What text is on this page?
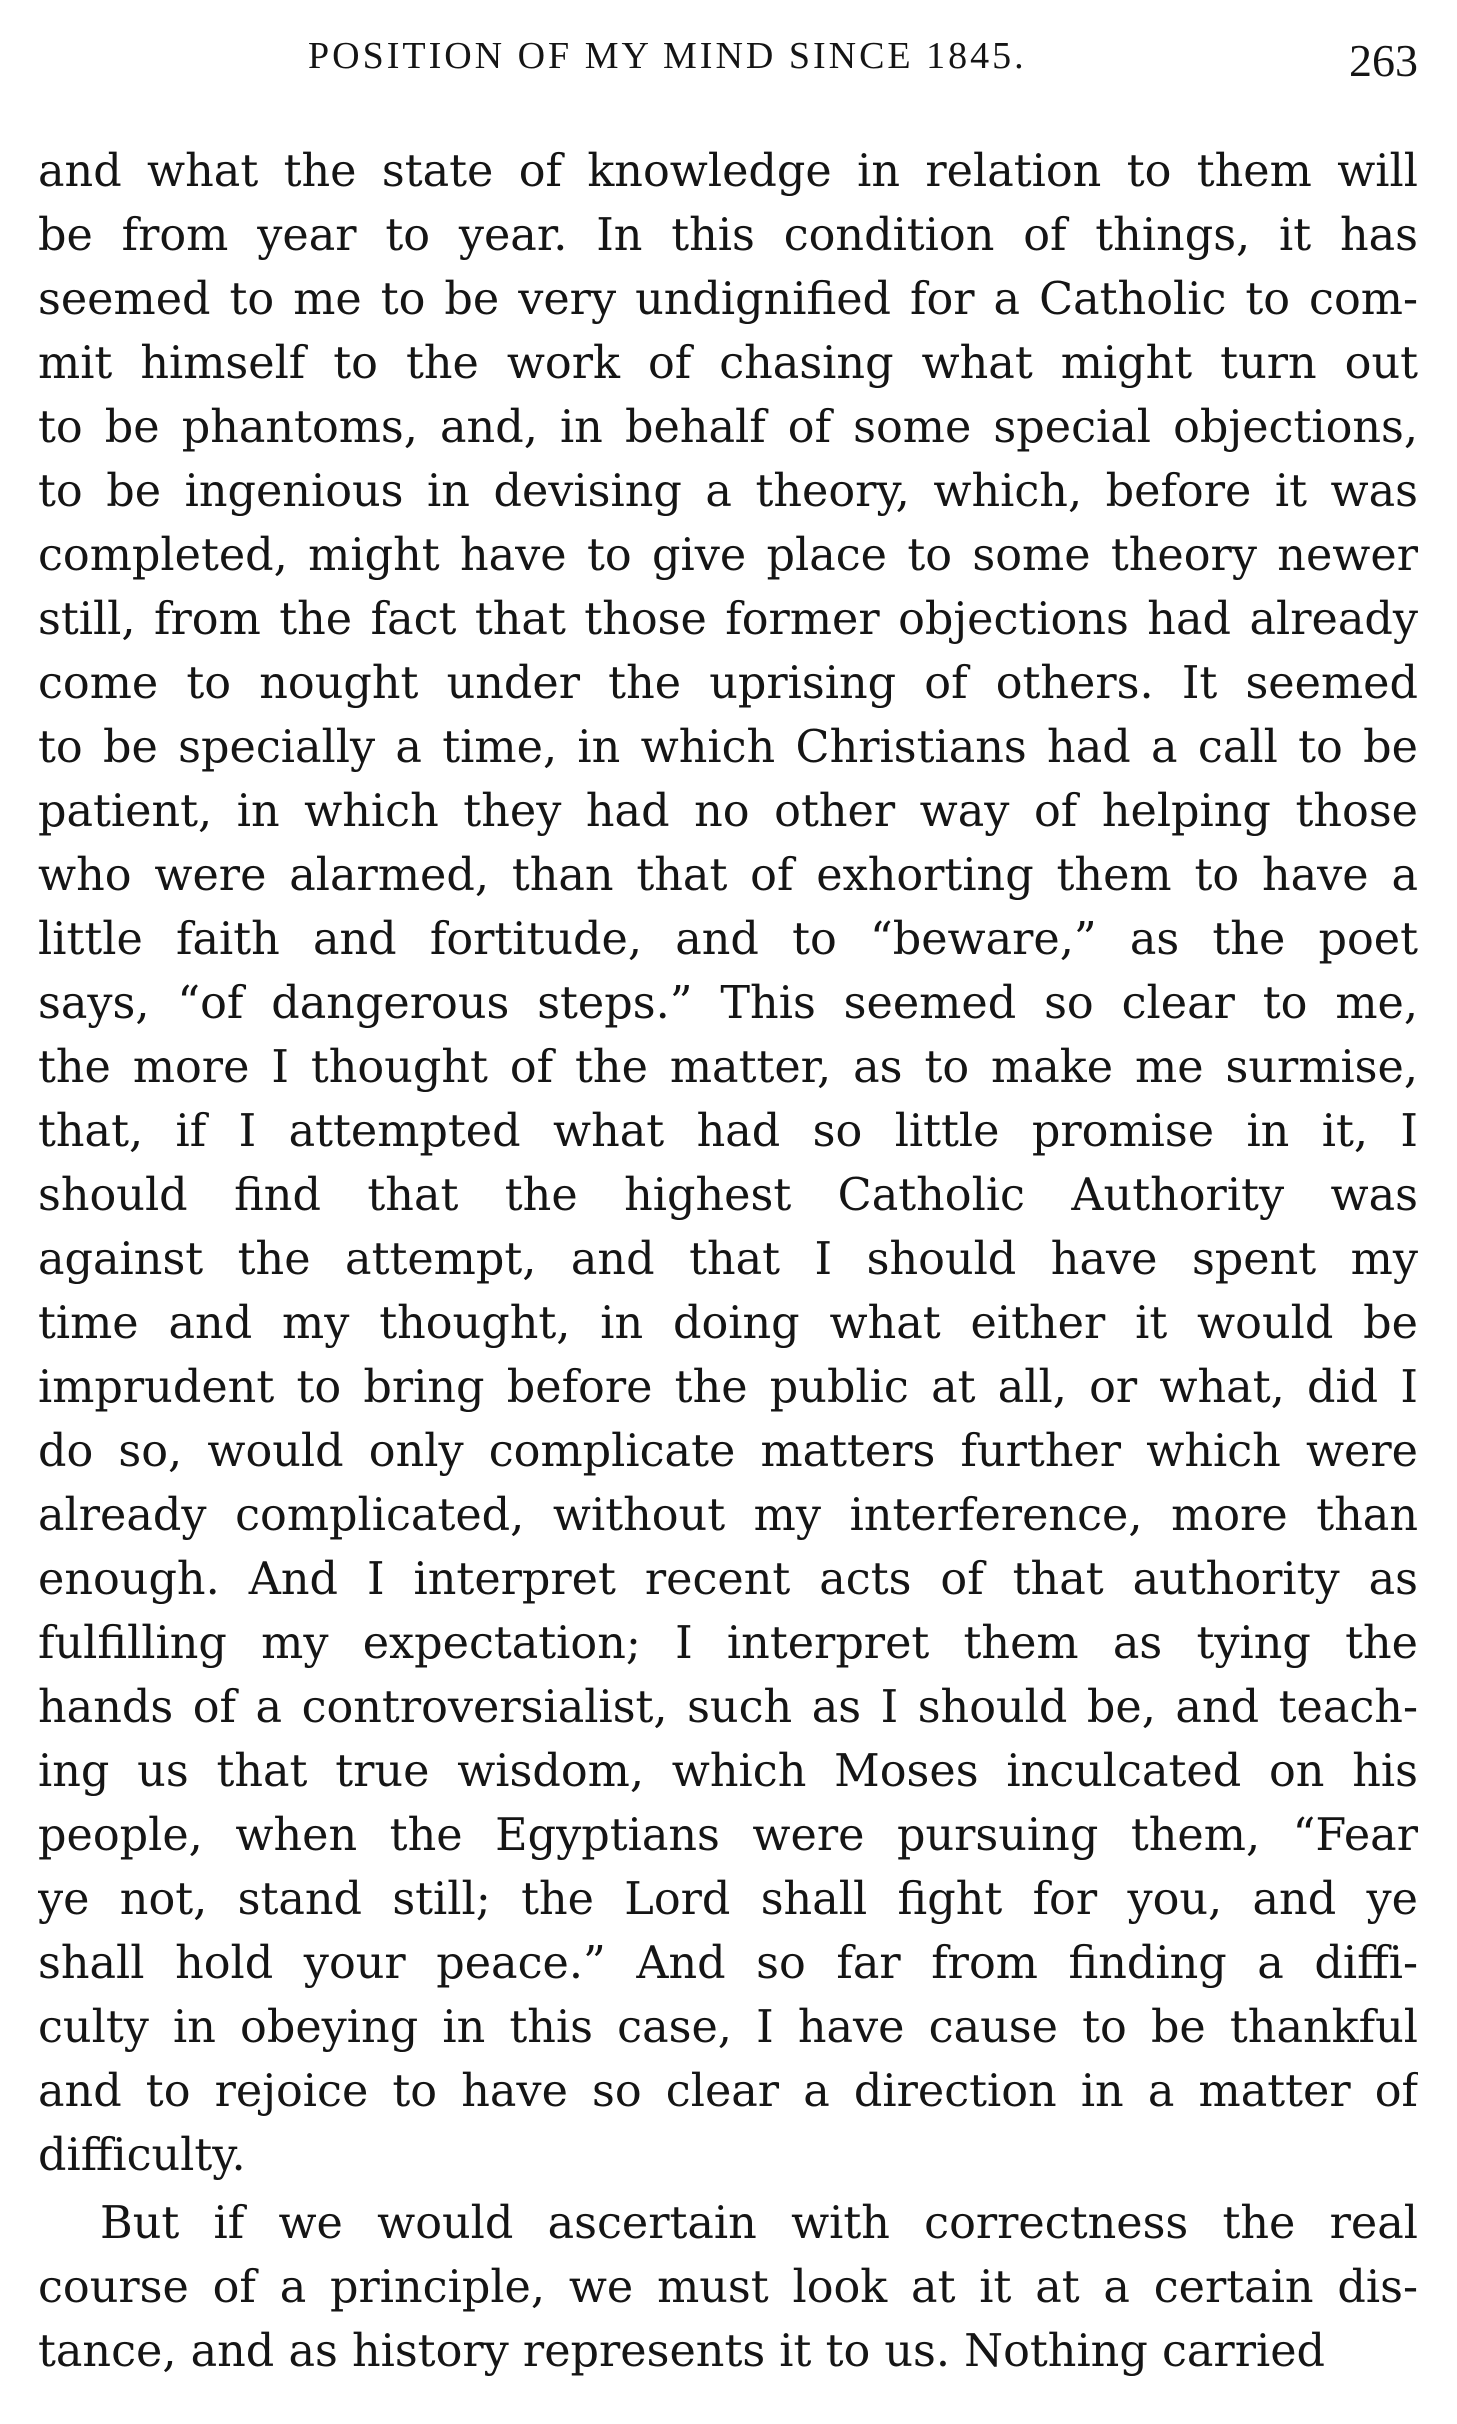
POSITION OF MY MIND SINCE 1845.	263
and what the state of knowledge in relation to them will
be from year to year. In this condition of things, it has
seemed to me to be very undignified for a Catholic to com-
mit himself to the work of chasing what might turn out
to be phantoms, and, in behalf of some special objections,
to be ingenious in devising a theory, which, before it was
completed, might have to give place to some theory newer
still, from the fact that those former objections had already
come to nought under the uprising of others. It seemed
to be specially a time, in which Christians had a call to be
patient, in which they had no other way of helping those
who were alarmed, than that of exhorting them to have a
little faith and fortitude, and to “beware,” as the poet
says, “of dangerous steps.” This seemed so clear to me,
the more I thought of the matter, as to make me surmise,
that, if I attempted what had so little promise in it, I
should find that the highest Catholic Authority was
against the attempt, and that I should have spent my
time and my thought, in doing what either it would be
imprudent to bring before the public at all, or what, did I
do so, would only complicate matters further which were
already complicated, without my interference, more than
enough. And I interpret recent acts of that authority as
fulfilling my expectation; I interpret them as tying the
hands of a controversialist, such as I should be, and teach-
ing us that true wisdom, which Moses inculcated on his
people, when the Egyptians were pursuing them, “Fear
ye not, stand still; the Lord shall fight for you, and ye
shall hold your peace.” And so far from finding a diffi-
culty in obeying in this case, I have cause to be thankful
and to rejoice to have so clear a direction in a matter of
difficulty.
But if we would ascertain with correctness the real
course of a principle, we must look at it at a certain dis-
tance, and as history represents it to us. Nothing carried
